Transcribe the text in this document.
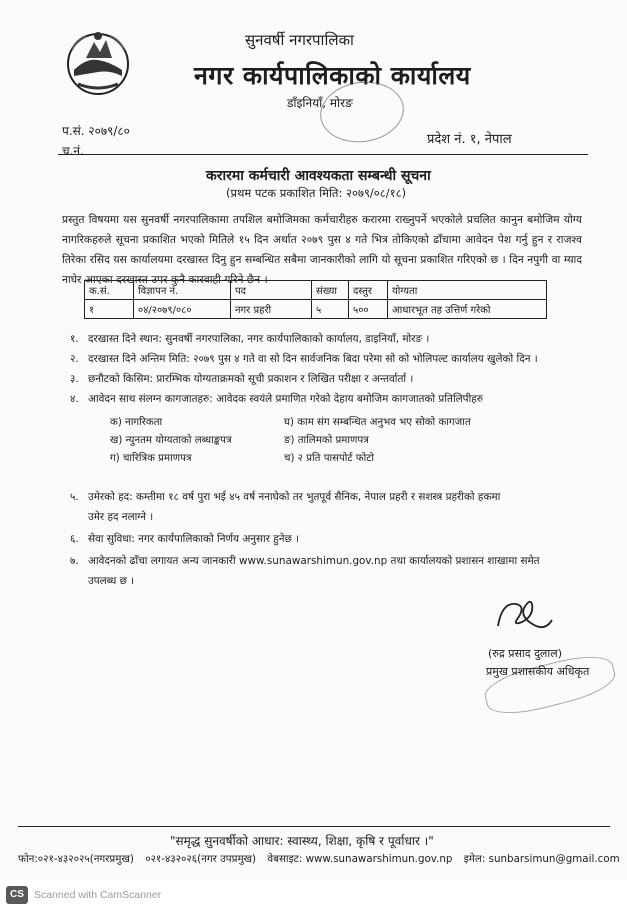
सुनवर्षी नगरपालिका
नगर कार्यपालिकाको कार्यालय
डाँइनियाँ, मोरङ
प.सं. २०७९/८०
च.नं.
प्रदेश नं. १, नेपाल
करारमा कर्मचारी आवश्यकता सम्बन्धी सूचना
(प्रथम पटक प्रकाशित मिति: २०७९/०८/१८)
प्रस्तुत विषयमा यस सुनवर्षी नगरपालिकामा तपशिल बमोजिमका कर्मचारीहरु करारमा राख्नुपर्ने भएकोले प्रचलित कानुन बमोजिम योग्य नागरिकहरुले सूचना प्रकाशित भएको मितिले १५ दिन अर्थात २०७९ पुस ४ गते भित्र तोकिएको ढाँचामा आवेदन पेश गर्नु हुन र राजश्व तिरेका रसिद यस कार्यालयमा दरखास्त दिनु हुन सम्बन्धित सबैमा जानकारीको लागि यो सूचना प्रकाशित गरिएको छ । दिन नपुगी वा म्याद नाघेर आएका दरखास्त उपर कुनै कारवाही गरिने छैन ।
क.सं.	विज्ञापन नं.	पद	संख्या	दस्तुर	योग्यता
१	०४/२०७९/०८०	नगर प्रहरी	५	५००	आधारभूत तह उत्तिर्ण गरेको
१. दरखास्त दिने स्थान: सुनवर्षी नगरपालिका, नगर कार्यपालिकाको कार्यालय, डाइनियाँ, मोरङ ।
२. दरखास्त दिने अन्तिम मिति: २०७९ पुस ४ गते वा सो दिन सार्वजनिक बिदा परेमा सो को भोलिपल्ट कार्यालय खुलेको दिन ।
३. छनौटको किसिम: प्रारम्भिक योग्यताक्रमको सूची प्रकाशन र लिखित परीक्षा र अन्तर्वार्ता ।
४. आवेदन साथ संलग्न कागजातहरु: आवेदक स्वयंले प्रमाणित गरेको देहाय बमोजिम कागजातको प्रतिलिपीहरु
क) नागरिकता
ख) न्युनतम योग्यताको लब्धाङ्कपत्र
ग) चारित्रिक प्रमाणपत्र
घ) काम संग सम्बन्धित अनुभव भए सोको कागजात
ङ) तालिमको प्रमाणपत्र
च) २ प्रति पासपोर्ट फोटो
५. उमेरको हद: कम्तीमा १८ वर्ष पुरा भई ४५ वर्ष ननाघेको तर भुतपूर्व सैनिक, नेपाल प्रहरी र सशस्त्र प्रहरीको हकमा
उमेर हद नलाग्ने ।
६. सेवा सुविधा: नगर कार्यपालिकाको निर्णय अनुसार हुनेछ ।
७. आवेदनको ढाँचा लगायत अन्य जानकारी www.sunawarshimun.gov.np तथा कार्यालयको प्रशासन शाखामा समेत
उपलब्ध छ ।
(रुद्र प्रसाद दुलाल)
प्रमुख प्रशासकीय अधिकृत
"समृद्ध सुनवर्षीको आधार: स्वास्थ्य, शिक्षा, कृषि र पूर्वाधार ।"
फोन:०२१-४३२०२५(नगरप्रमुख) ०२१-४३२०२६(नगर उपप्रमुख) वेबसाइट: www.sunawarshimun.gov.np इमेल: sunbarsimun@gmail.com
CS Scanned with CamScanner
